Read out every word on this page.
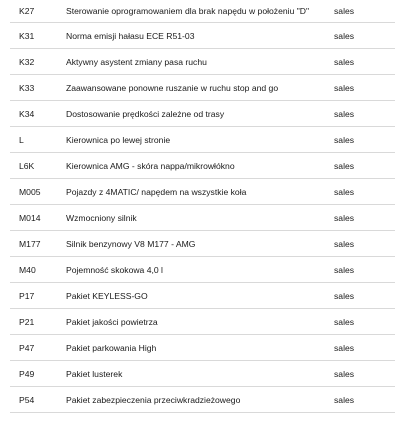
K27	Sterowanie oprogramowaniem dla brak napędu w położeniu "D"	sales
K31	Norma emisji hałasu ECE R51-03	sales
K32	Aktywny asystent zmiany pasa ruchu	sales
K33	Zaawansowane ponowne ruszanie w ruchu stop and go	sales
K34	Dostosowanie prędkości zależne od trasy	sales
L	Kierownica po lewej stronie	sales
L6K	Kierownica AMG - skóra nappa/mikrowłókno	sales
M005	Pojazdy z 4MATIC/ napędem na wszystkie koła	sales
M014	Wzmocniony silnik	sales
M177	Silnik benzynowy V8 M177 - AMG	sales
M40	Pojemność skokowa 4,0 l	sales
P17	Pakiet KEYLESS-GO	sales
P21	Pakiet jakości powietrza	sales
P47	Pakiet parkowania High	sales
P49	Pakiet lusterek	sales
P54	Pakiet zabezpieczenia przeciwkradzieżowego	sales
